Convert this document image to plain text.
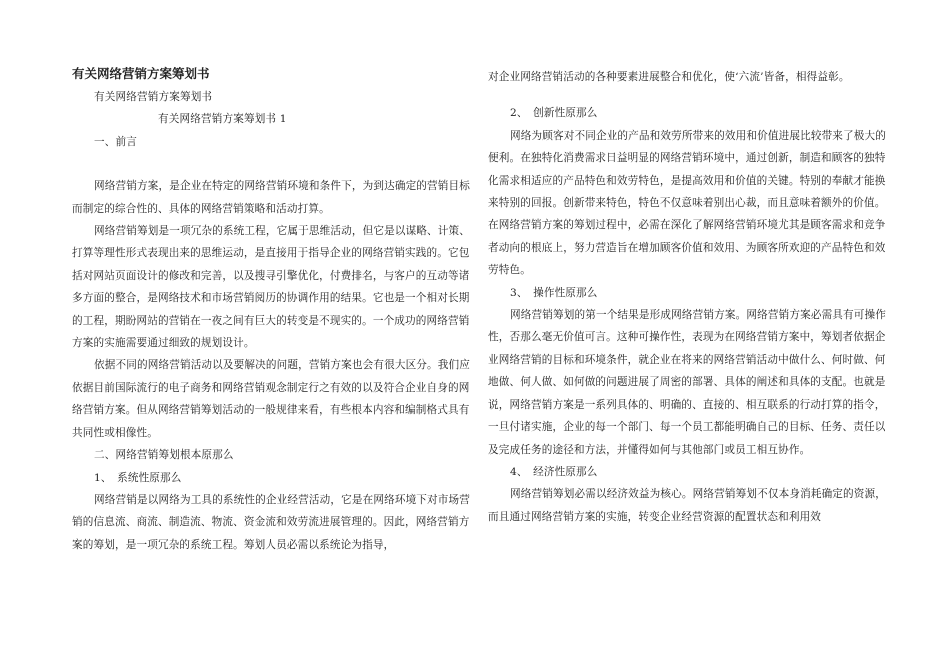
有关网络营销方案筹划书

有关网络营销方案筹划书

有关网络营销方案筹划书 1

一、前言

网络营销方案，是企业在特定的网络营销环境和条件下，为到达确定的营销目标而制定的综合性的、具体的网络营销策略和活动打算。

网络营销筹划是一项冗杂的系统工程，它属于思维活动，但它是以谋略、计策、打算等理性形式表现出来的思维运动，是直接用于指导企业的网络营销实践的。它包括对网站页面设计的修改和完善，以及搜寻引擎优化，付费排名，与客户的互动等诸多方面的整合，是网络技术和市场营销阅历的协调作用的结果。它也是一个相对长期的工程，期盼网站的营销在一夜之间有巨大的转变是不现实的。一个成功的网络营销方案的实施需要通过细致的规划设计。

依据不同的网络营销活动以及要解决的问题，营销方案也会有很大区分。我们应依据目前国际流行的电子商务和网络营销观念制定行之有效的以及符合企业自身的网络营销方案。但从网络营销筹划活动的一般规律来看，有些根本内容和编制格式具有共同性或相像性。

二、网络营销筹划根本原那么

1、　系统性原那么

网络营销是以网络为工具的系统性的企业经营活动，它是在网络环境下对市场营销的信息流、商流、制造流、物流、资金流和效劳流进展管理的。因此，网络营销方案的筹划，是一项冗杂的系统工程。筹划人员必需以系统论为指导，

对企业网络营销活动的各种要素进展整合和优化，使‘六流’皆备，相得益彰。

2、　创新性原那么

网络为顾客对不同企业的产品和效劳所带来的效用和价值进展比较带来了极大的便利。在独特化消费需求日益明显的网络营销环境中，通过创新，制造和顾客的独特化需求相适应的产品特色和效劳特色，是提高效用和价值的关键。特别的奉献才能换来特别的回报。创新带来特色，特色不仅意味着别出心裁，而且意味着额外的价值。在网络营销方案的筹划过程中，必需在深化了解网络营销环境尤其是顾客需求和竞争者动向的根底上，努力营造旨在增加顾客价值和效用、为顾客所欢迎的产品特色和效劳特色。

3、　操作性原那么

网络营销筹划的第一个结果是形成网络营销方案。网络营销方案必需具有可操作性，否那么毫无价值可言。这种可操作性，表现为在网络营销方案中，筹划者依据企业网络营销的目标和环境条件，就企业在将来的网络营销活动中做什么、何时做、何地做、何人做、如何做的问题进展了周密的部署、具体的阐述和具体的支配。也就是说，网络营销方案是一系列具体的、明确的、直接的、相互联系的行动打算的指令，一旦付诸实施，企业的每一个部门、每一个员工都能明确自己的目标、任务、责任以及完成任务的途径和方法，并懂得如何与其他部门或员工相互协作。

4、　经济性原那么

网络营销筹划必需以经济效益为核心。网络营销筹划不仅本身消耗确定的资源，而且通过网络营销方案的实施，转变企业经营资源的配置状态和利用效
